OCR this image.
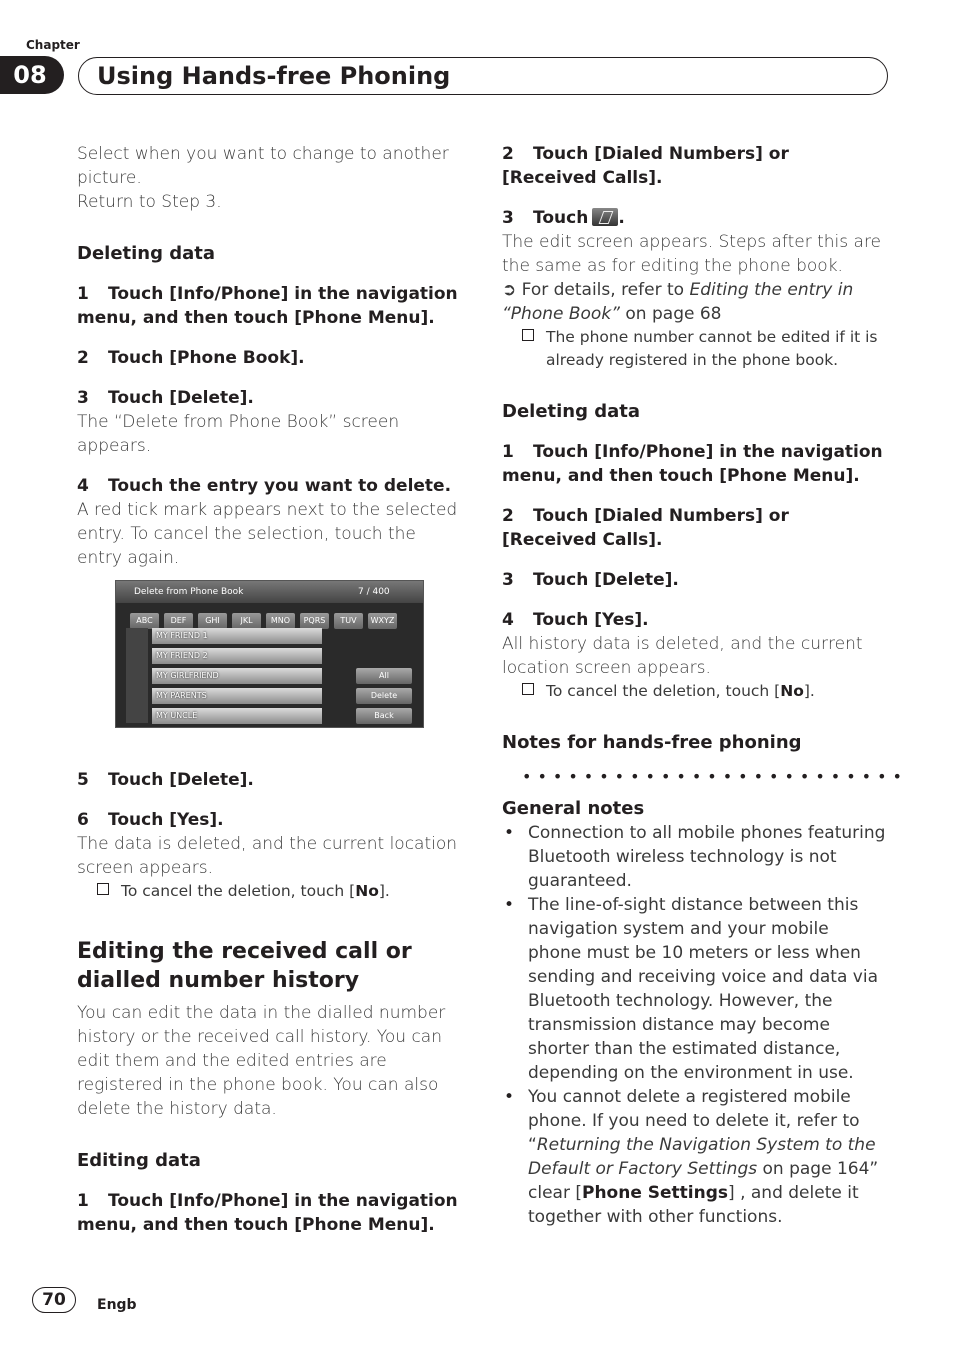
Chapter
08	Using Hands-free Phoning
Select when you want to change to another picture.
Return to Step 3.
Deleting data
1 Touch [Info/Phone] in the navigation menu, and then touch [Phone Menu].
2 Touch [Phone Book].
3 Touch [Delete].
The “Delete from Phone Book” screen appears.
4 Touch the entry you want to delete.
A red tick mark appears next to the selected entry. To cancel the selection, touch the entry again.
5 Touch [Delete].
6 Touch [Yes].
The data is deleted, and the current location screen appears.
To cancel the deletion, touch [No].
Editing the received call or dialled number history
You can edit the data in the dialled number history or the received call history. You can edit them and the edited entries are registered in the phone book. You can also delete the history data.
Editing data
1 Touch [Info/Phone] in the navigation menu, and then touch [Phone Menu].
Delete from Phone Book	7 / 400
ABC DEF GHI	JKL MNO PQRS TUV WXYZ
MY FRIEND 1
MY FRIEND 2
MY GIRLFRIEND
MY PARENTS
MY UNCLE
All
Delete
Back
2 Touch [Dialed Numbers] or [Received Calls].
3 Touch .
The edit screen appears. Steps after this are the same as for editing the phone book.
➲ For details, refer to Editing the entry in “Phone Book” on page 68
The phone number cannot be edited if it is already registered in the phone book.
Deleting data
1 Touch [Info/Phone] in the navigation menu, and then touch [Phone Menu].
2 Touch [Dialed Numbers] or [Received Calls].
3 Touch [Delete].
4 Touch [Yes].
All history data is deleted, and the current location screen appears.
To cancel the deletion, touch [No].
Notes for hands-free phoning
•••••••••••••••••••••••••
General notes
• Connection to all mobile phones featuring Bluetooth wireless technology is not guaranteed.
• The line-of-sight distance between this navigation system and your mobile phone must be 10 meters or less when sending and receiving voice and data via Bluetooth technology. However, the transmission distance may become shorter than the estimated distance, depending on the environment in use.
• You cannot delete a registered mobile phone. If you need to delete it, refer to “Returning the Navigation System to the Default or Factory Settings on page 164” clear [Phone Settings] , and delete it together with other functions.
70	Engb
